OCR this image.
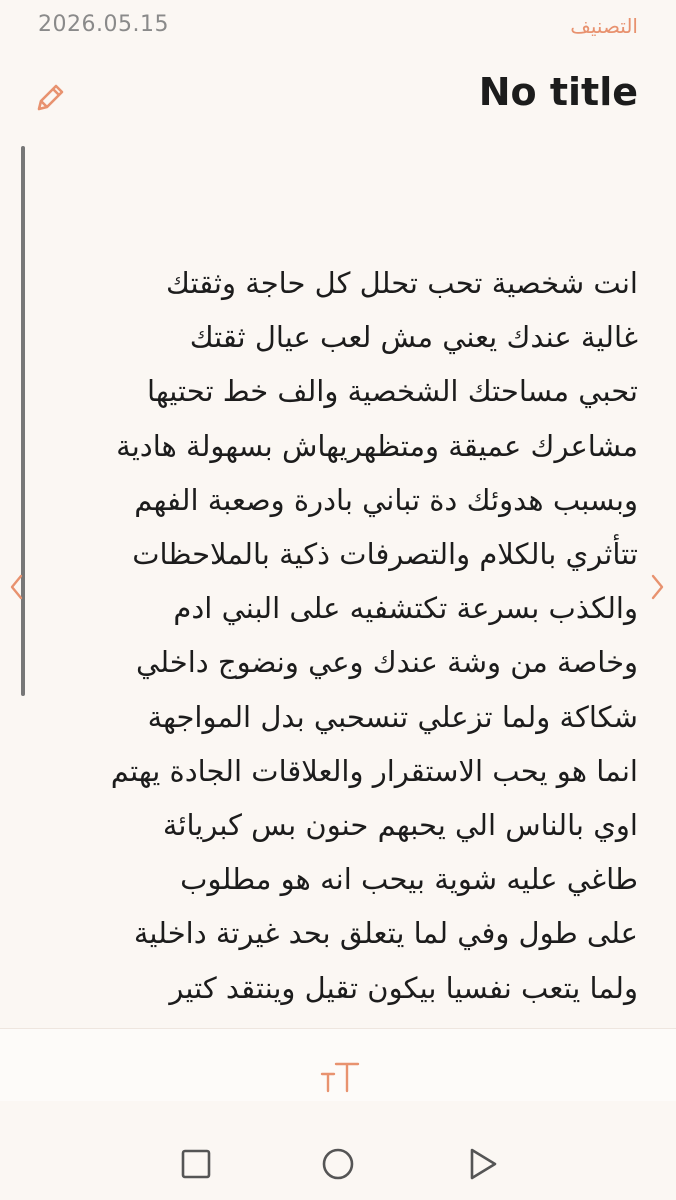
2026.05.15	التصنيف
No title
انت شخصية تحب تحلل كل حاجة وثقتك
غالية عندك يعني مش لعب عيال ثقتك
تحبي مساحتك الشخصية والف خط تحتيها
مشاعرك عميقة ومتظهريهاش بسهولة هادية
وبسبب هدوئك دة تباني بادرة وصعبة الفهم
تتأثري بالكلام والتصرفات ذكية بالملاحظات
والكذب بسرعة تكتشفيه على البني ادم
وخاصة من وشة عندك وعي ونضوج داخلي
شكاكة ولما تزعلي تنسحبي بدل المواجهة
انما هو يحب الاستقرار والعلاقات الجادة يهتم
اوي بالناس الي يحبهم حنون بس كبريائة
طاغي عليه شوية بيحب انه هو مطلوب
على طول وفي لما يتعلق بحد غيرتة داخلية
ولما يتعب نفسيا بيكون تقيل وينتقد كتير
